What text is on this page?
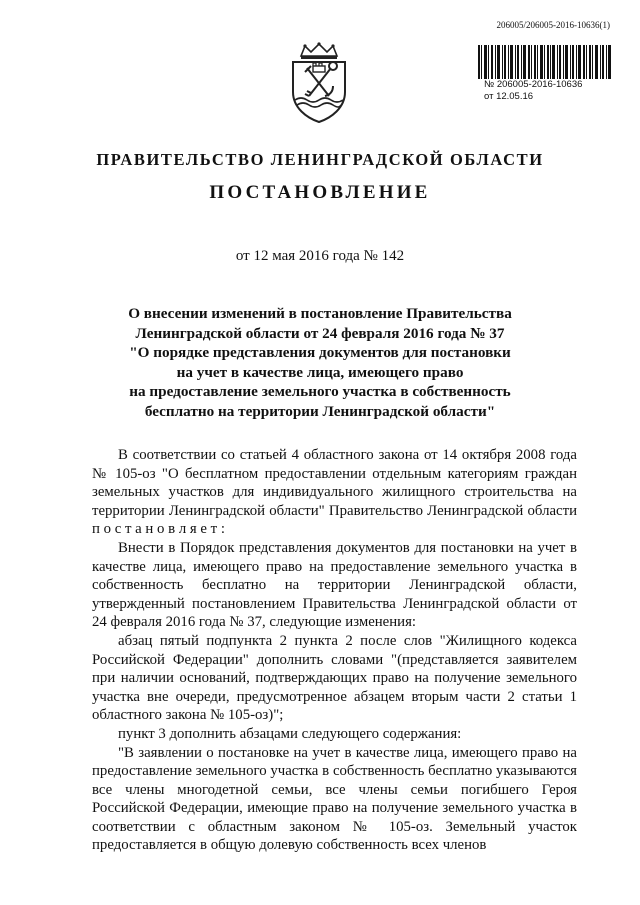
206005/206005-2016-10636(1)
№ 206005-2016-10636
от 12.05.16
ПРАВИТЕЛЬСТВО ЛЕНИНГРАДСКОЙ ОБЛАСТИ
ПОСТАНОВЛЕНИЕ
от 12 мая 2016 года № 142
О внесении изменений в постановление Правительства
Ленинградской области от 24 февраля 2016 года № 37
"О порядке представления документов для постановки
на учет в качестве лица, имеющего право
на предоставление земельного участка в собственность
бесплатно на территории Ленинградской области"
В соответствии со статьей 4 областного закона от 14 октября 2008 года № 105-оз "О бесплатном предоставлении отдельным категориям граждан земельных участков для индивидуального жилищного строительства на территории Ленинградской области" Правительство Ленинградской области п о с т а н о в л я е т :
Внести в Порядок представления документов для постановки на учет в качестве лица, имеющего право на предоставление земельного участка в собственность бесплатно на территории Ленинградской области, утвержденный постановлением Правительства Ленинградской области от 24 февраля 2016 года № 37, следующие изменения:
абзац пятый подпункта 2 пункта 2 после слов "Жилищного кодекса Российской Федерации" дополнить словами "(представляется заявителем при наличии оснований, подтверждающих право на получение земельного участка вне очереди, предусмотренное абзацем вторым части 2 статьи 1 областного закона № 105-оз)";
пункт 3 дополнить абзацами следующего содержания:
"В заявлении о постановке на учет в качестве лица, имеющего право на предоставление земельного участка в собственность бесплатно указываются все члены многодетной семьи, все члены семьи погибшего Героя Российской Федерации, имеющие право на получение земельного участка в соответствии с областным законом № 105-оз. Земельный участок предоставляется в общую долевую собственность всех членов
